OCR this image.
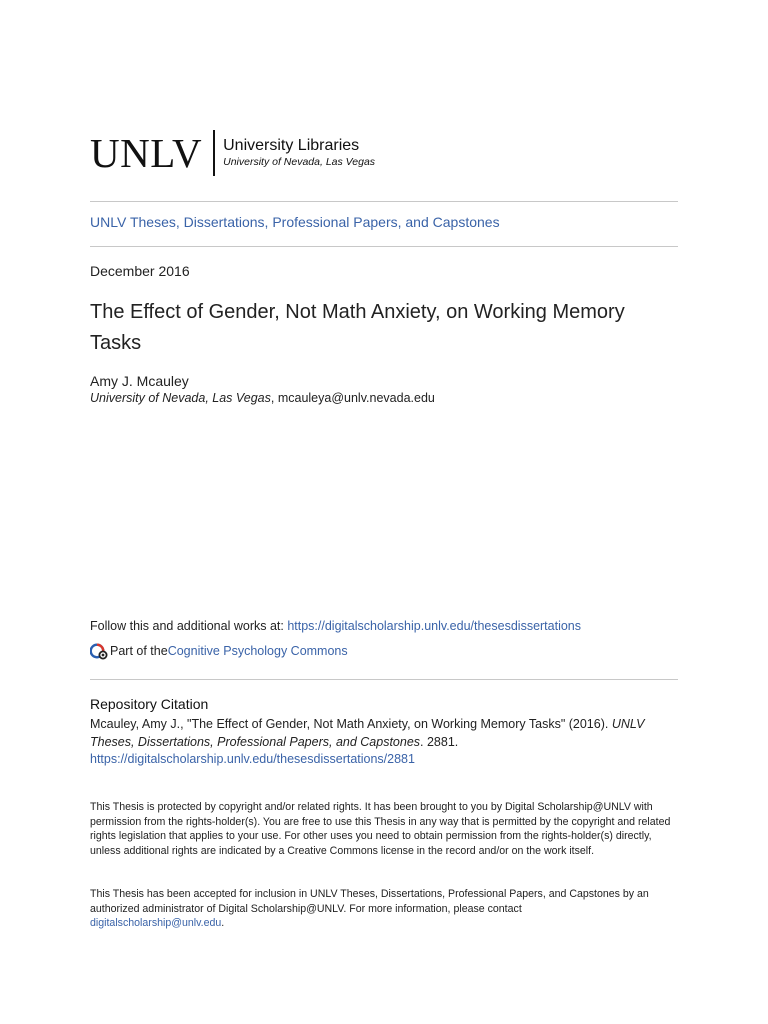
UNLV University Libraries
University of Nevada, Las Vegas
UNLV Theses, Dissertations, Professional Papers, and Capstones
December 2016
The Effect of Gender, Not Math Anxiety, on Working Memory Tasks
Amy J. Mcauley
University of Nevada, Las Vegas, mcauleya@unlv.nevada.edu
Follow this and additional works at: https://digitalscholarship.unlv.edu/thesesdissertations
Part of the Cognitive Psychology Commons
Repository Citation
Mcauley, Amy J., "The Effect of Gender, Not Math Anxiety, on Working Memory Tasks" (2016). UNLV Theses, Dissertations, Professional Papers, and Capstones. 2881.
https://digitalscholarship.unlv.edu/thesesdissertations/2881
This Thesis is protected by copyright and/or related rights. It has been brought to you by Digital Scholarship@UNLV with permission from the rights-holder(s). You are free to use this Thesis in any way that is permitted by the copyright and related rights legislation that applies to your use. For other uses you need to obtain permission from the rights-holder(s) directly, unless additional rights are indicated by a Creative Commons license in the record and/or on the work itself.
This Thesis has been accepted for inclusion in UNLV Theses, Dissertations, Professional Papers, and Capstones by an authorized administrator of Digital Scholarship@UNLV. For more information, please contact
digitalscholarship@unlv.edu.
